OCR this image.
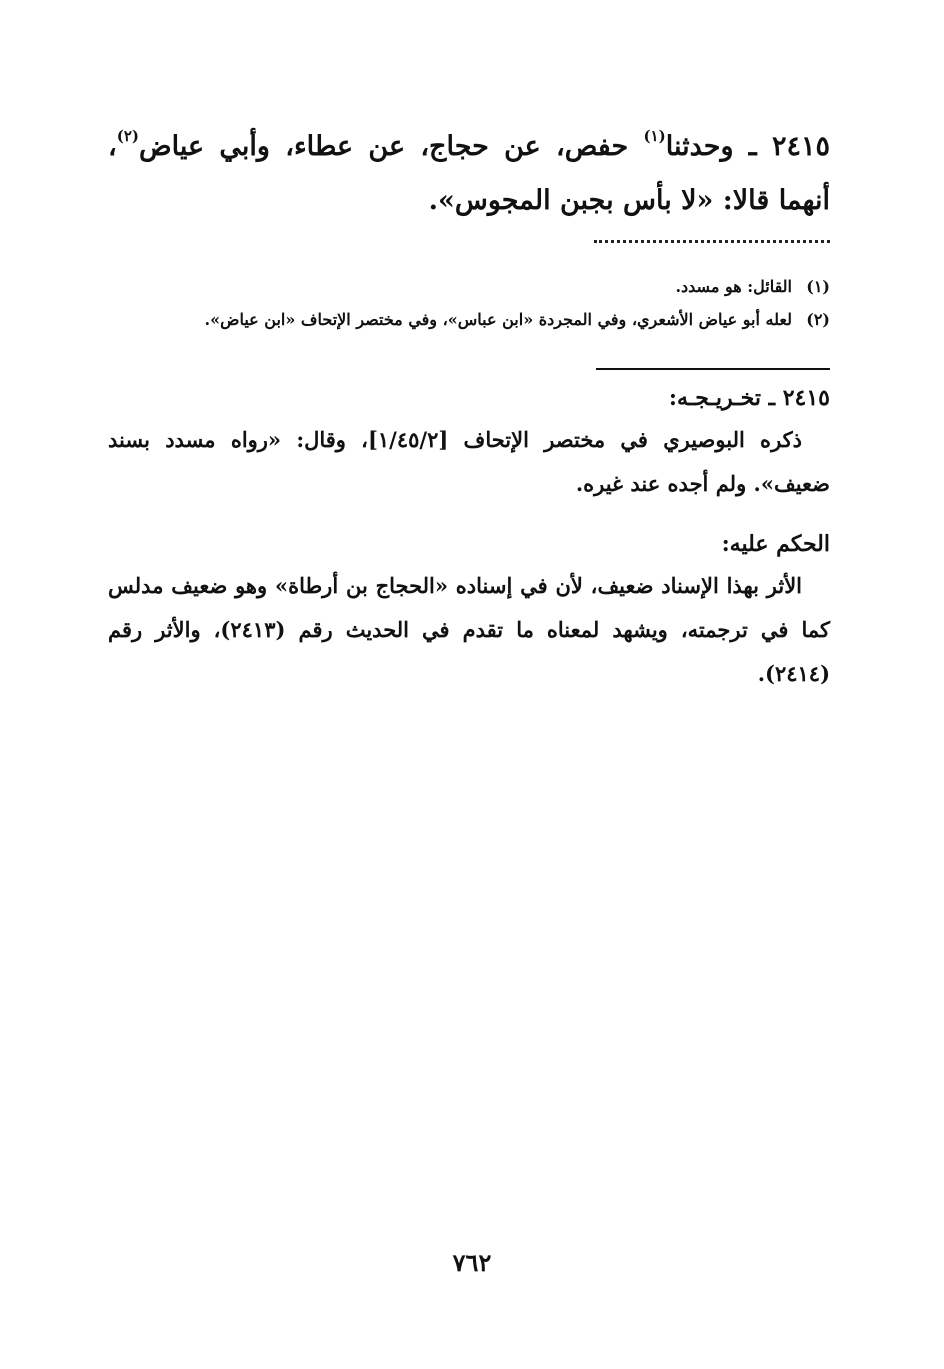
٢٤١٥ ـ وحدثنا$^{(١)}$ حفص، عن حجاج، عن عطاء، وأبي عياض$^{(٢)}$، أنهما قالا: «لا بأس بجبن المجوس».

(١)
القائل: هو مسدد.
(٢)
لعله أبو عياض الأشعري، وفي المجردة «ابن عباس»، وفي مختصر الإتحاف «ابن عياض».
٢٤١٥ ـ تخـريـجـه:

ذكره البوصيري في مختصر الإتحاف [١/٤٥/٢]، وقال: «رواه مسدد بسند ضعيف». ولم أجده عند غيره.

الحكم عليه:

الأثر بهذا الإسناد ضعيف، لأن في إسناده «الحجاج بن أرطاة» وهو ضعيف مدلس كما في ترجمته، ويشهد لمعناه ما تقدم في الحديث رقم (٢٤١٣)، والأثر رقم (٢٤١٤).

٧٦٢
